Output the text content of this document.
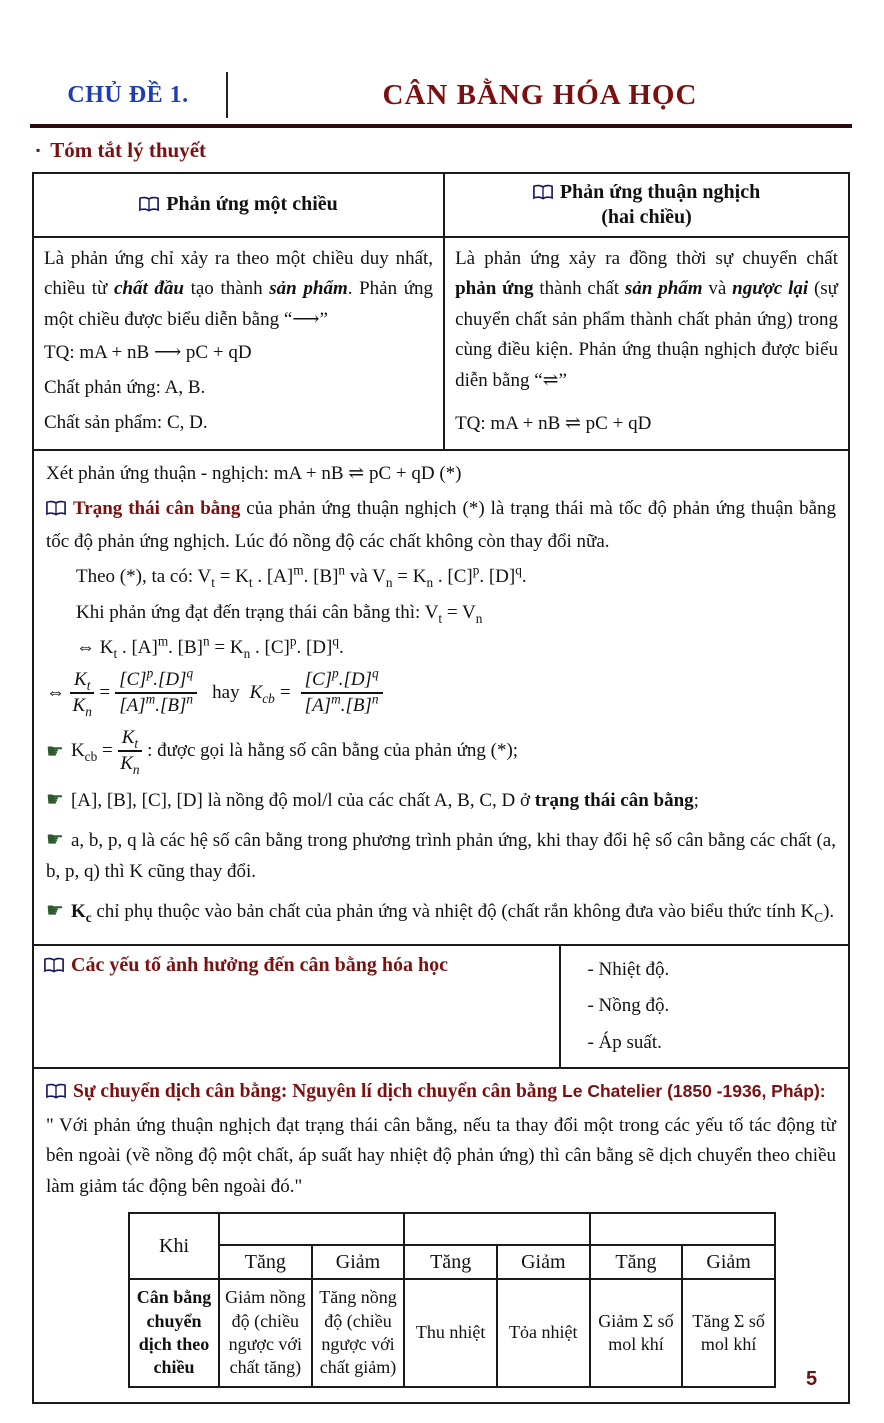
CHỦ ĐỀ 1.	CÂN BẰNG HÓA HỌC
▪ Tóm tắt lý thuyết
Phản ứng một chiều
Phản ứng thuận nghịch
(hai chiều)
Là phản ứng chỉ xảy ra theo một chiều duy nhất, chiều từ chất đầu tạo thành sản phẩm. Phản ứng một chiều được biểu diễn bằng “⟶”
TQ: mA + nB ⟶ pC + qD
Chất phản ứng: A, B.
Chất sản phẩm: C, D.
Là phản ứng xảy ra đồng thời sự chuyển chất phản ứng thành chất sản phẩm và ngược lại (sự chuyển chất sản phẩm thành chất phản ứng) trong cùng điều kiện. Phản ứng thuận nghịch được biểu diễn bằng “⇌”
TQ: mA + nB ⇌ pC + qD

Xét phản ứng thuận - nghịch: mA + nB ⇌ pC + qD (*)

Trạng thái cân bằng của phản ứng thuận nghịch (*) là trạng thái mà tốc độ phản ứng thuận bằng tốc độ phản ứng nghịch. Lúc đó nồng độ các chất không còn thay đổi nữa.

Theo (*), ta có: $V_t = K_t$ . $[A]^m$. $[B]^n$ và $V_n = K_n$ . $[C]^p$. $[D]^q$.

Khi phản ứng đạt đến trạng thái cân bằng thì: $V_t = V_n$

⇔ $K_t$ . $[A]^m$. $[B]^n = K_n$ . $[C]^p$. $[D]^q$.

⇔ $\frac{K_t}{K_n} = \frac{[C]^p.[D]^q}{[A]^m.[B]^n}$ hay $K_{cb} = \frac{[C]^p.[D]^q}{[A]^m.[B]^n}$
☛ $K_{cb} = \frac{K_t}{K_n}$ : được gọi là hằng số cân bằng của phản ứng (*);
☛ [A], [B], [C], [D] là nồng độ mol/l của các chất A, B, C, D ở trạng thái cân bằng;
☛ a, b, p, q là các hệ số cân bằng trong phương trình phản ứng, khi thay đổi hệ số cân bằng các chất (a, b, p, q) thì K cũng thay đổi.
☛ $K_c$ chỉ phụ thuộc vào bản chất của phản ứng và nhiệt độ (chất rắn không đưa vào biểu thức tính $K_C$).
Các yếu tố ảnh hưởng đến cân bằng hóa học	- Nhiệt độ.
- Nồng độ.
- Áp suất.
Sự chuyển dịch cân bằng: Nguyên lí dịch chuyển cân bằng Le Chatelier (1850 -1936, Pháp):
" Với phản ứng thuận nghịch đạt trạng thái cân bằng, nếu ta thay đổi một trong các yếu tố tác động từ bên ngoài (về nồng độ một chất, áp suất hay nhiệt độ phản ứng) thì cân bằng sẽ dịch chuyển theo chiều làm giảm tác động bên ngoài đó."
Khi						
	Tăng	Giảm	Tăng	Giảm	Tăng	Giảm
Cân bằng chuyển dịch theo chiều	Giảm nồng độ (chiều ngược với chất tăng)	Tăng nồng độ (chiều ngược với chất giảm)	Thu nhiệt	Tỏa nhiệt	Giảm Σ số mol khí	Tăng Σ số mol khí
5
